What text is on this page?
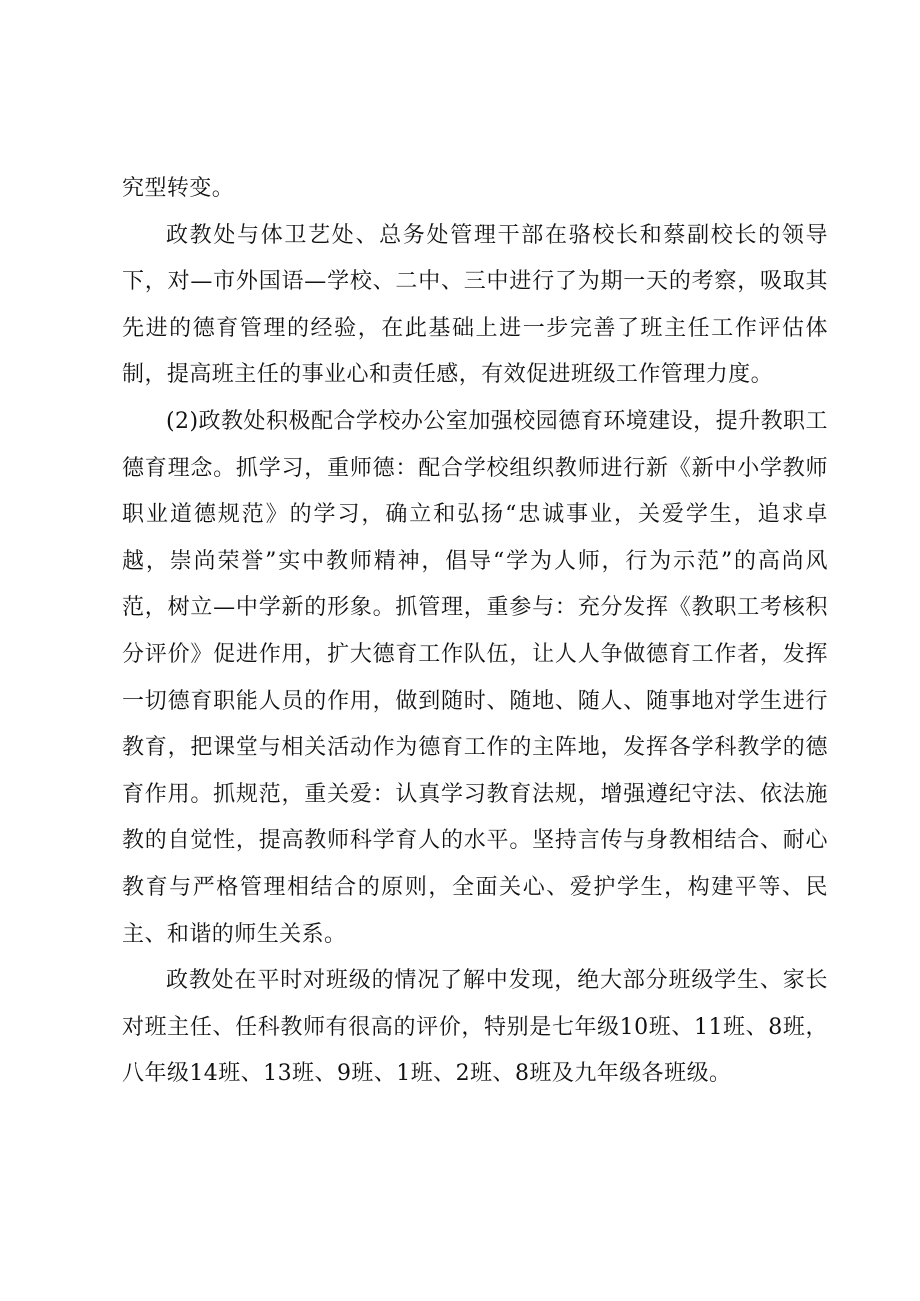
究型转变。

政教处与体卫艺处、总务处管理干部在骆校长和蔡副校长的领导下，对—市外国语—学校、二中、三中进行了为期一天的考察，吸取其先进的德育管理的经验，在此基础上进一步完善了班主任工作评估体制，提高班主任的事业心和责任感，有效促进班级工作管理力度。

(2)政教处积极配合学校办公室加强校园德育环境建设，提升教职工德育理念。抓学习，重师德：配合学校组织教师进行新《新中小学教师职业道德规范》的学习，确立和弘扬“忠诚事业，关爱学生，追求卓越，崇尚荣誉”实中教师精神，倡导“学为人师，行为示范”的高尚风范，树立—中学新的形象。抓管理，重参与：充分发挥《教职工考核积分评价》促进作用，扩大德育工作队伍，让人人争做德育工作者，发挥一切德育职能人员的作用，做到随时、随地、随人、随事地对学生进行教育，把课堂与相关活动作为德育工作的主阵地，发挥各学科教学的德育作用。抓规范，重关爱：认真学习教育法规，增强遵纪守法、依法施教的自觉性，提高教师科学育人的水平。坚持言传与身教相结合、耐心教育与严格管理相结合的原则，全面关心、爱护学生，构建平等、民主、和谐的师生关系。

政教处在平时对班级的情况了解中发现，绝大部分班级学生、家长对班主任、任科教师有很高的评价，特别是七年级10班、11班、8班，八年级14班、13班、9班、1班、2班、8班及九年级各班级。
